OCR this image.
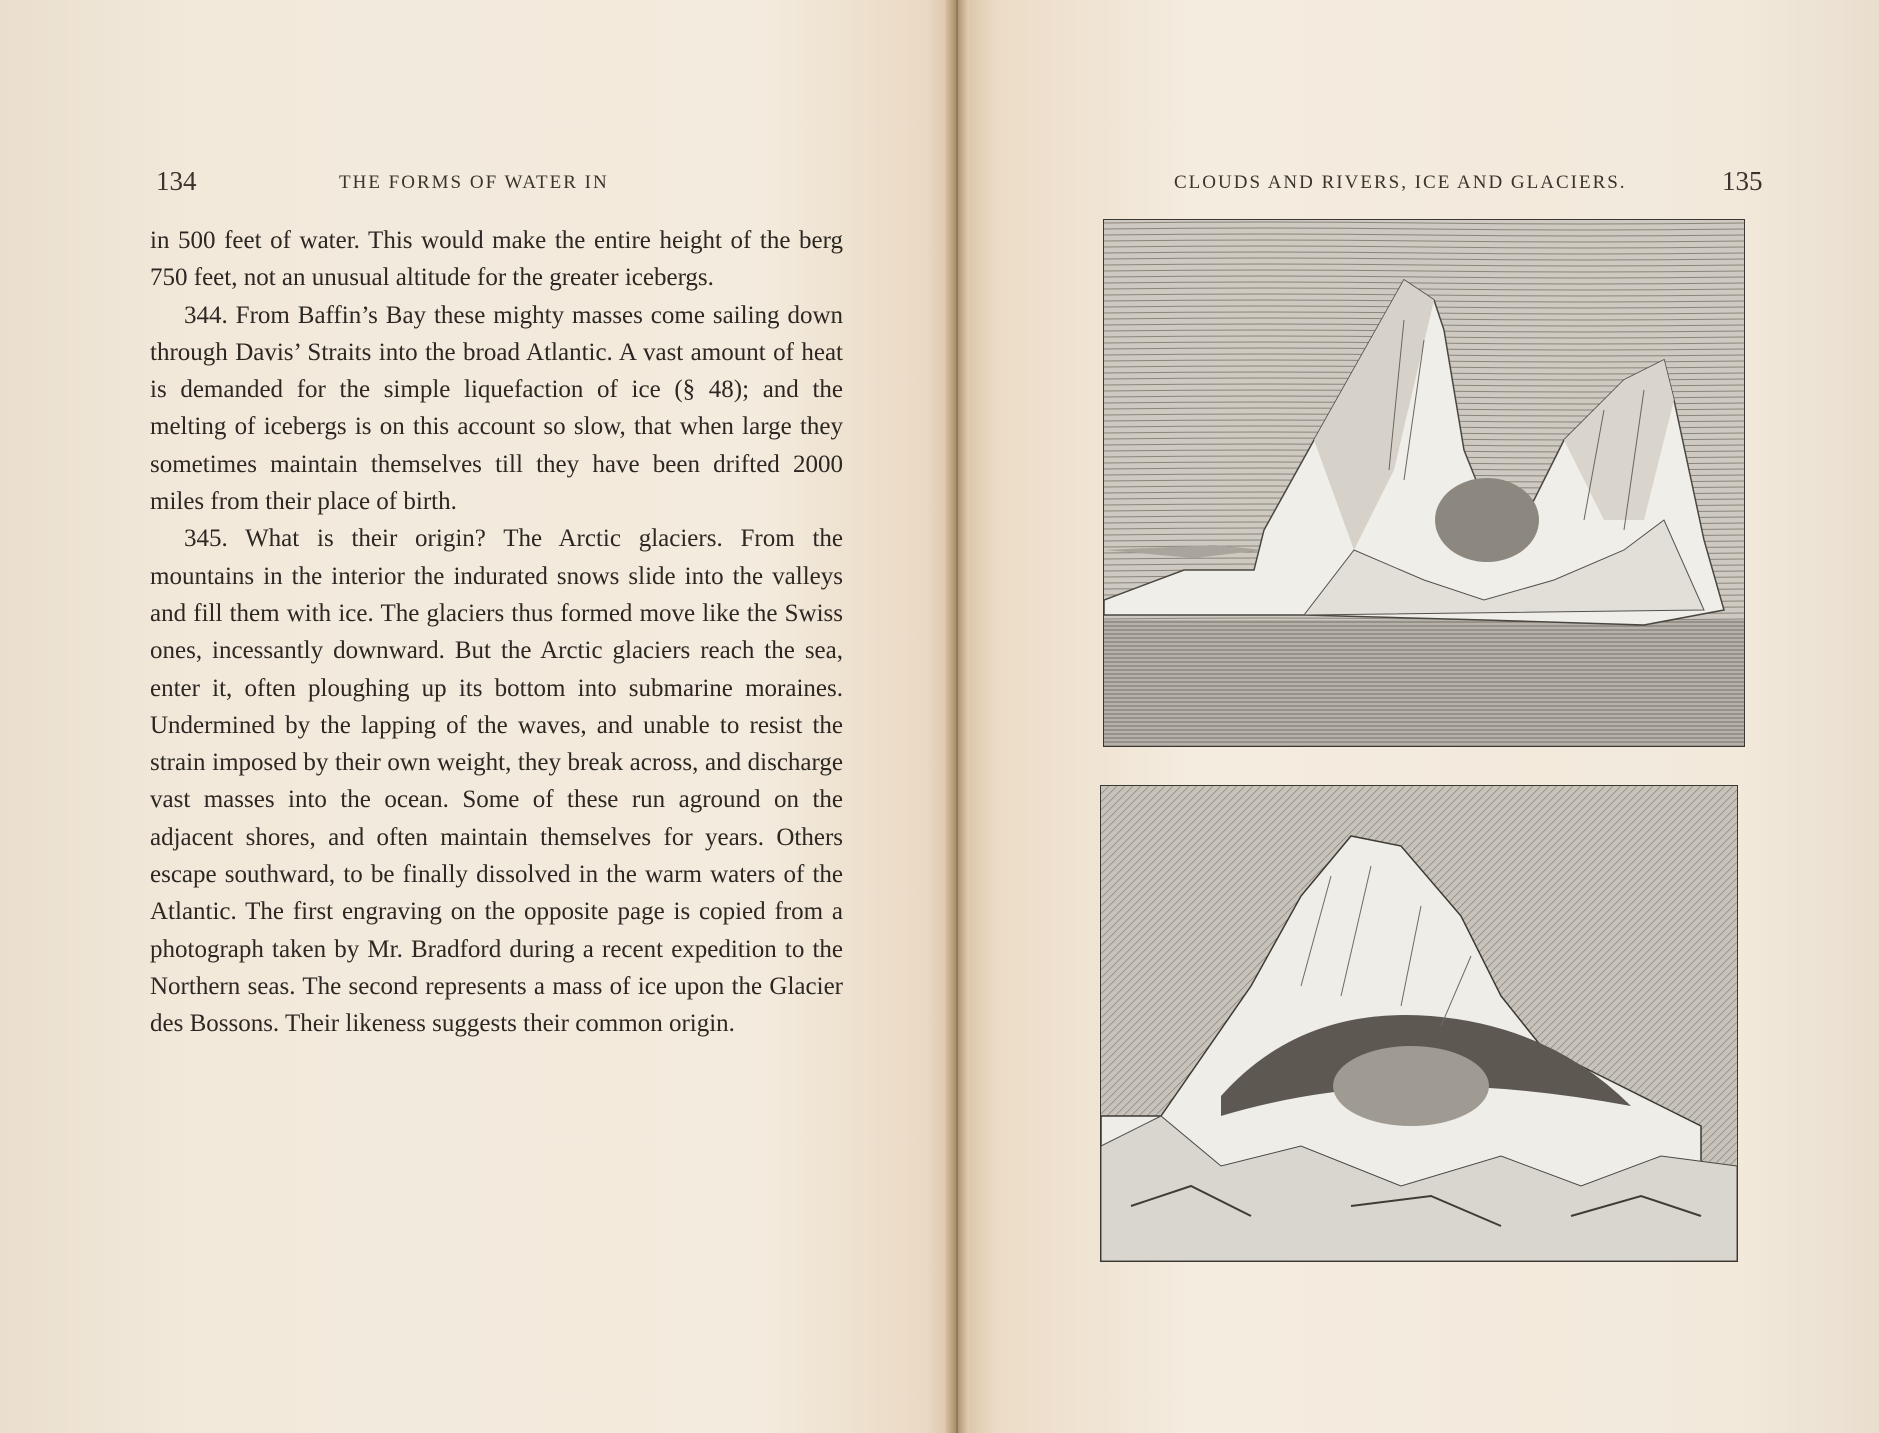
134	THE FORMS OF WATER IN

in 500 feet of water. This would make the entire height of the berg 750 feet, not an unusual altitude for the greater icebergs.

344. From Baffin’s Bay these mighty masses come sailing down through Davis’ Straits into the broad Atlantic. A vast amount of heat is demanded for the simple liquefaction of ice (§ 48); and the melting of icebergs is on this account so slow, that when large they sometimes maintain themselves till they have been drifted 2000 miles from their place of birth.

345. What is their origin? The Arctic glaciers. From the mountains in the interior the indurated snows slide into the valleys and fill them with ice. The glaciers thus formed move like the Swiss ones, incessantly downward. But the Arctic glaciers reach the sea, enter it, often ploughing up its bottom into submarine moraines. Undermined by the lapping of the waves, and unable to resist the strain imposed by their own weight, they break across, and discharge vast masses into the ocean. Some of these run aground on the adjacent shores, and often maintain themselves for years. Others escape southward, to be finally dissolved in the warm waters of the Atlantic. The first engraving on the opposite page is copied from a photograph taken by Mr. Bradford during a recent expedition to the Northern seas. The second represents a mass of ice upon the Glacier des Bossons. Their likeness suggests their common origin.

CLOUDS AND RIVERS, ICE AND GLACIERS.	135
